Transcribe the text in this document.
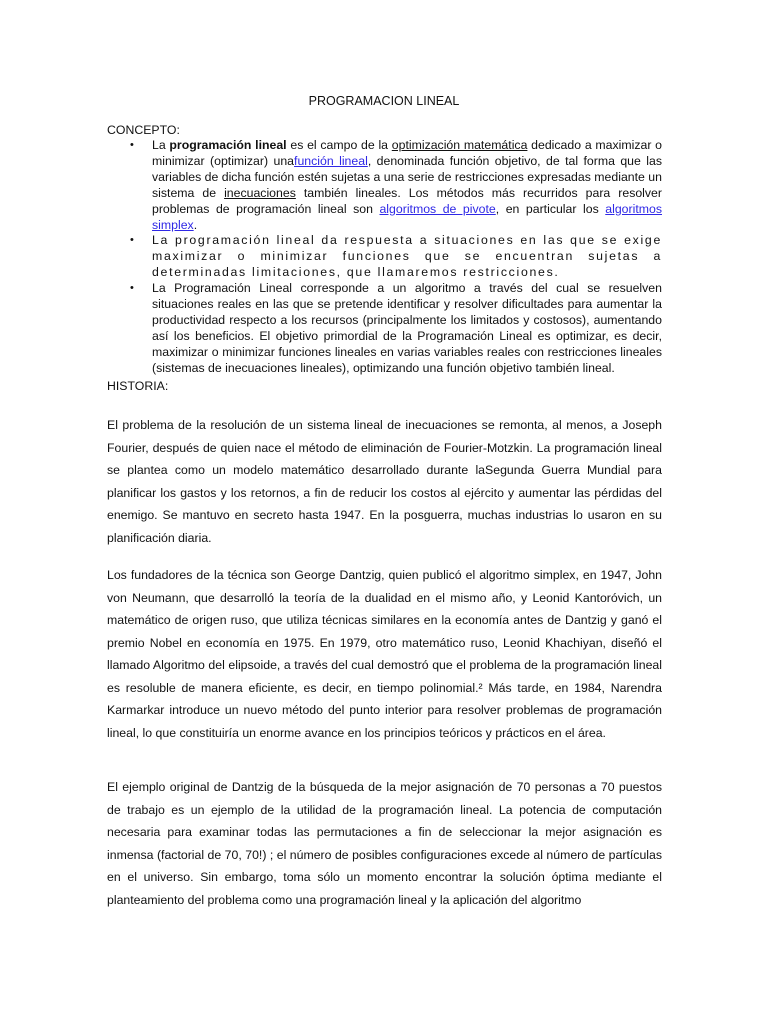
PROGRAMACION LINEAL
CONCEPTO:
• La programación lineal es el campo de la optimización matemática dedicado a maximizar o minimizar (optimizar) unafunción lineal, denominada función objetivo, de tal forma que las variables de dicha función estén sujetas a una serie de restricciones expresadas mediante un sistema de inecuaciones también lineales. Los métodos más recurridos para resolver problemas de programación lineal son algoritmos de pivote, en particular los algoritmos simplex.
• La programación lineal da respuesta a situaciones en las que se exige maximizar o minimizar funciones que se encuentran sujetas a determinadas limitaciones, que llamaremos restricciones.
• La Programación Lineal corresponde a un algoritmo a través del cual se resuelven situaciones reales en las que se pretende identificar y resolver dificultades para aumentar la productividad respecto a los recursos (principalmente los limitados y costosos), aumentando así los beneficios. El objetivo primordial de la Programación Lineal es optimizar, es decir, maximizar o minimizar funciones lineales en varias variables reales con restricciones lineales (sistemas de inecuaciones lineales), optimizando una función objetivo también lineal.
HISTORIA:

El problema de la resolución de un sistema lineal de inecuaciones se remonta, al menos, a Joseph Fourier, después de quien nace el método de eliminación de Fourier-Motzkin. La programación lineal se plantea como un modelo matemático desarrollado durante laSegunda Guerra Mundial para planificar los gastos y los retornos, a fin de reducir los costos al ejército y aumentar las pérdidas del enemigo. Se mantuvo en secreto hasta 1947. En la posguerra, muchas industrias lo usaron en su planificación diaria.

Los fundadores de la técnica son George Dantzig, quien publicó el algoritmo simplex, en 1947, John von Neumann, que desarrolló la teoría de la dualidad en el mismo año, y Leonid Kantoróvich, un matemático de origen ruso, que utiliza técnicas similares en la economía antes de Dantzig y ganó el premio Nobel en economía en 1975. En 1979, otro matemático ruso, Leonid Khachiyan, diseñó el llamado Algoritmo del elipsoide, a través del cual demostró que el problema de la programación lineal es resoluble de manera eficiente, es decir, en tiempo polinomial.² Más tarde, en 1984, Narendra Karmarkar introduce un nuevo método del punto interior para resolver problemas de programación lineal, lo que constituiría un enorme avance en los principios teóricos y prácticos en el área.

El ejemplo original de Dantzig de la búsqueda de la mejor asignación de 70 personas a 70 puestos de trabajo es un ejemplo de la utilidad de la programación lineal. La potencia de computación necesaria para examinar todas las permutaciones a fin de seleccionar la mejor asignación es inmensa (factorial de 70, 70!) ; el número de posibles configuraciones excede al número de partículas en el universo. Sin embargo, toma sólo un momento encontrar la solución óptima mediante el planteamiento del problema como una programación lineal y la aplicación del algoritmo
